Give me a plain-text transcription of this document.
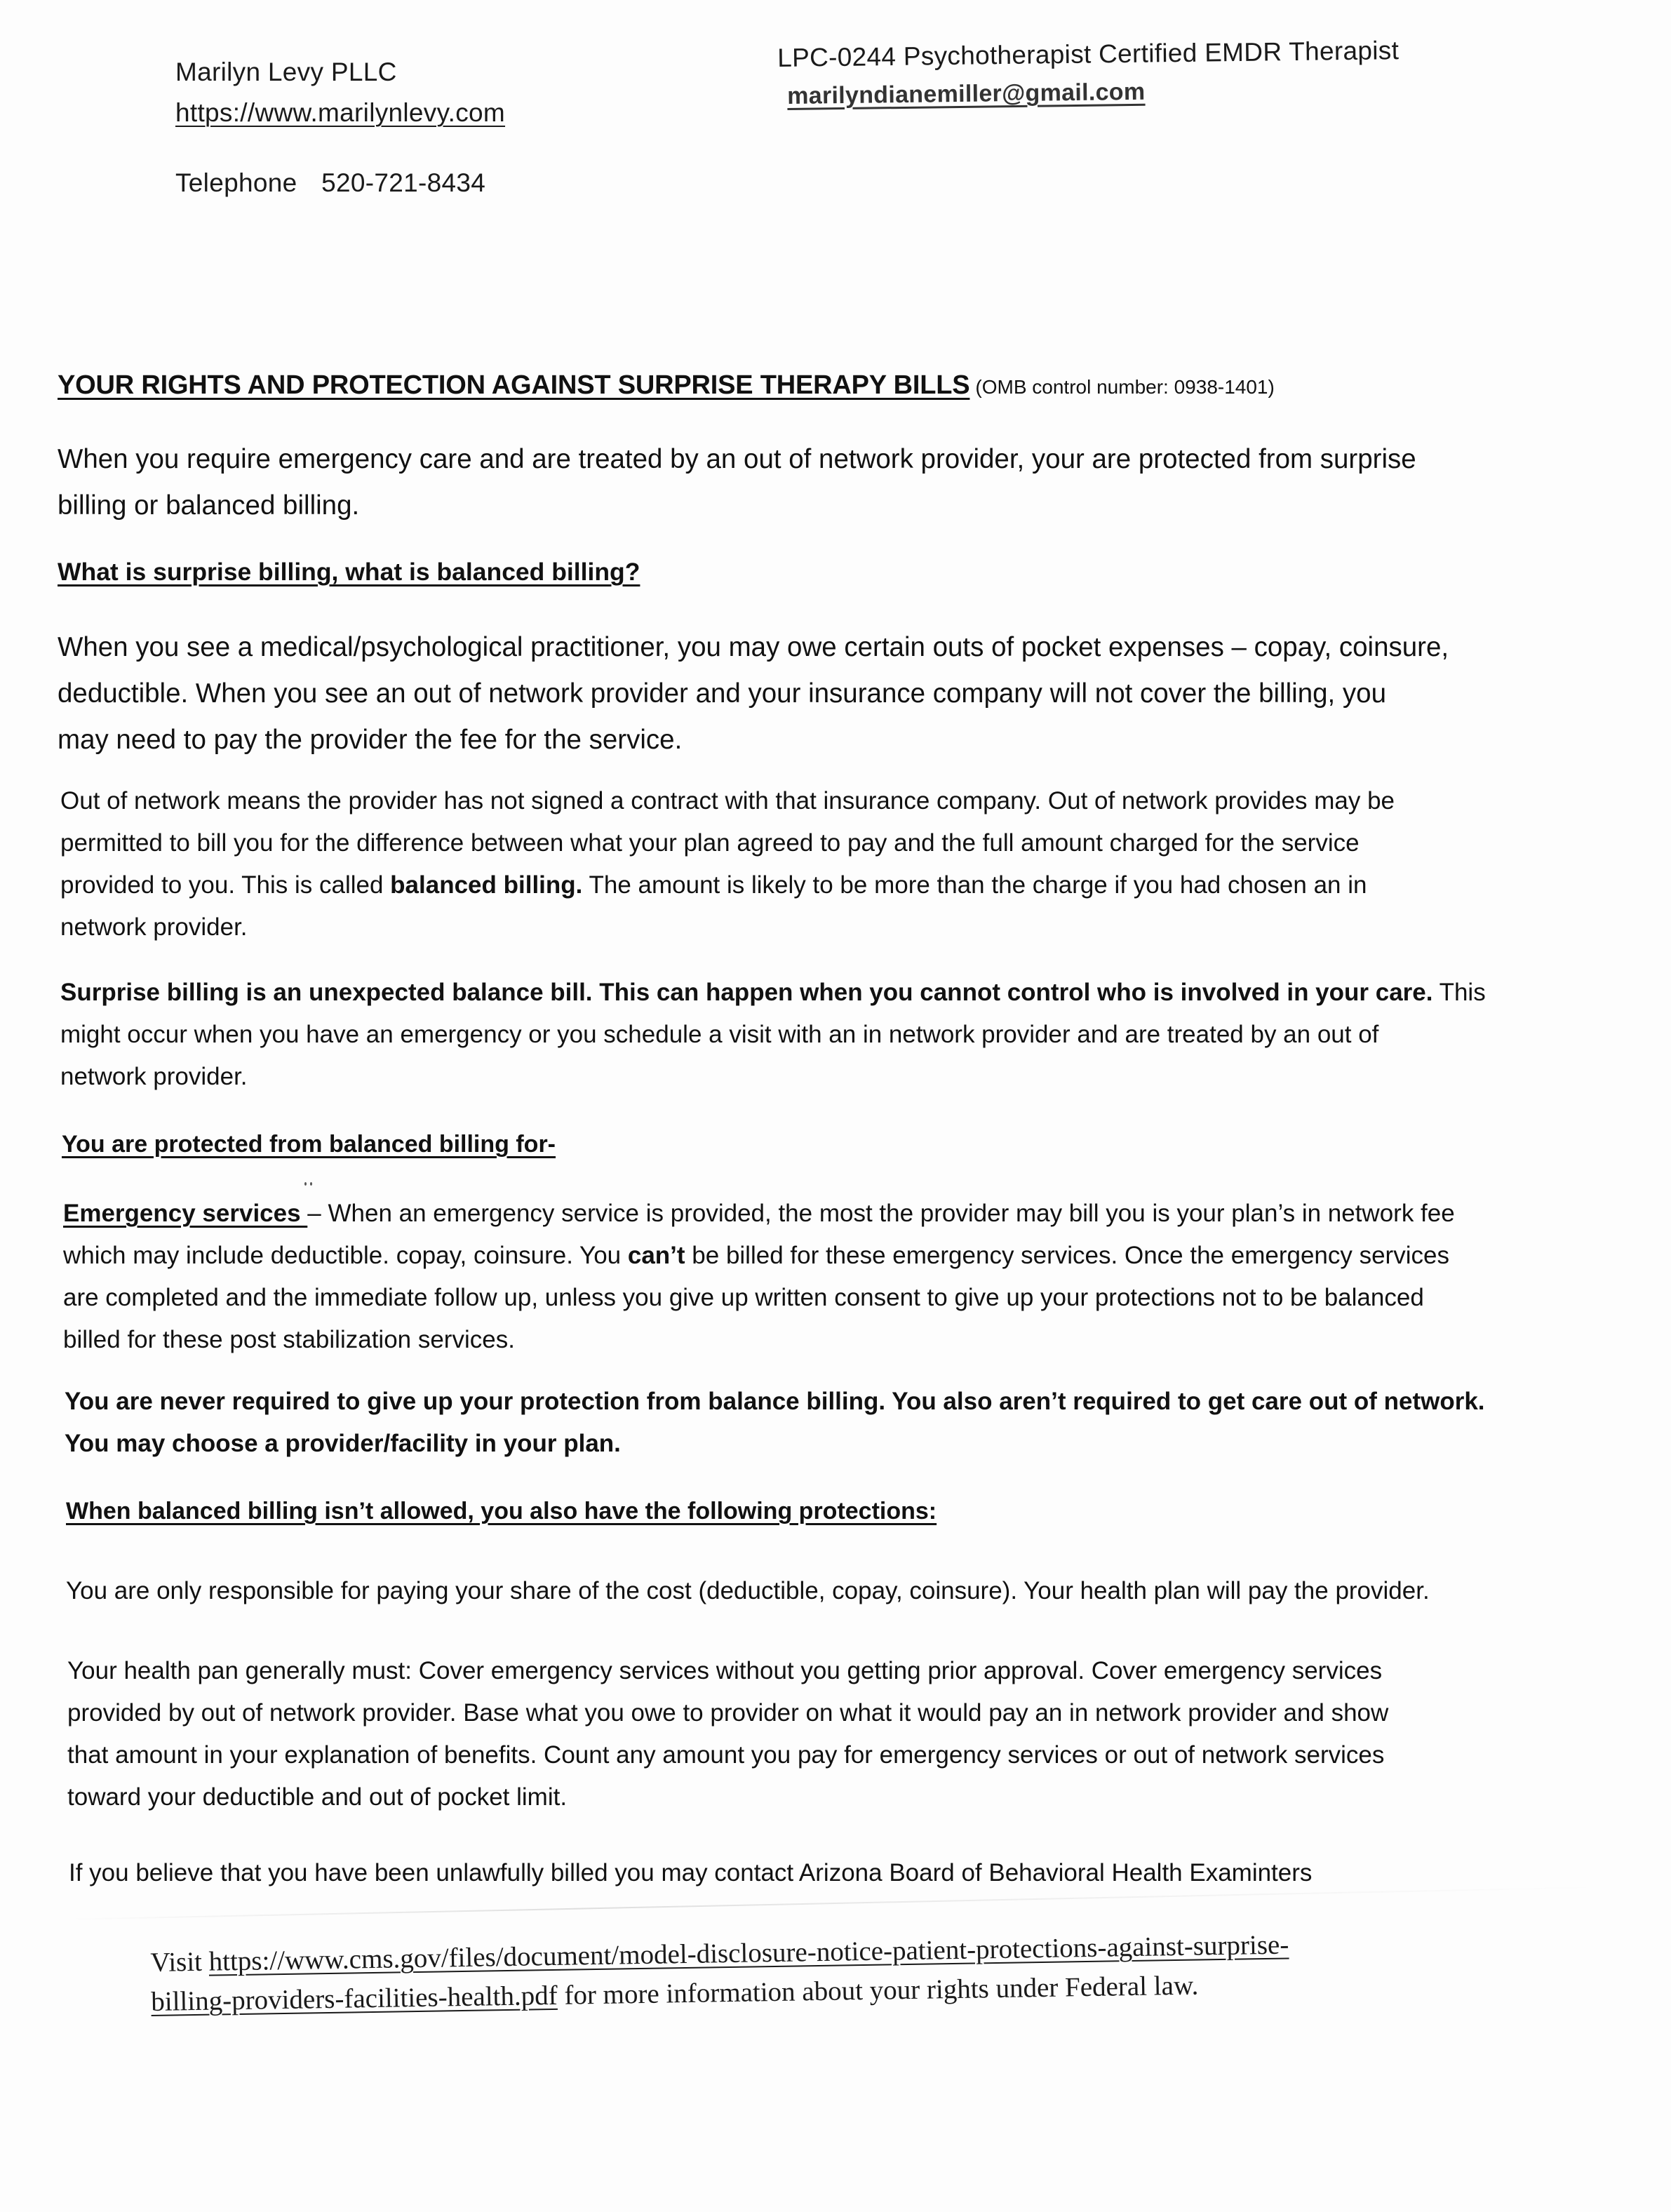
Marilyn Levy PLLC
https://www.marilynlevy.com
Telephone 520-721-8434
LPC-0244 Psychotherapist Certified EMDR Therapist
marilyndianemiller@gmail.com
YOUR RIGHTS AND PROTECTION AGAINST SURPRISE THERAPY BILLS (OMB control number: 0938-1401)
When you require emergency care and are treated by an out of network provider, your are protected from surprise
billing or balanced billing.
What is surprise billing, what is balanced billing?
When you see a medical/psychological practitioner, you may owe certain outs of pocket expenses – copay, coinsure,
deductible. When you see an out of network provider and your insurance company will not cover the billing, you
may need to pay the provider the fee for the service.
Out of network means the provider has not signed a contract with that insurance company. Out of network provides may be
permitted to bill you for the difference between what your plan agreed to pay and the full amount charged for the service
provided to you. This is called balanced billing. The amount is likely to be more than the charge if you had chosen an in
network provider.
Surprise billing is an unexpected balance bill. This can happen when you cannot control who is involved in your care. This
might occur when you have an emergency or you schedule a visit with an in network provider and are treated by an out of
network provider.
You are protected from balanced billing for-
Emergency services – When an emergency service is provided, the most the provider may bill you is your plan’s in network fee
which may include deductible. copay, coinsure. You can’t be billed for these emergency services. Once the emergency services
are completed and the immediate follow up, unless you give up written consent to give up your protections not to be balanced
billed for these post stabilization services.
You are never required to give up your protection from balance billing. You also aren’t required to get care out of network.
You may choose a provider/facility in your plan.
When balanced billing isn’t allowed, you also have the following protections:
You are only responsible for paying your share of the cost (deductible, copay, coinsure). Your health plan will pay the provider.
Your health pan generally must: Cover emergency services without you getting prior approval. Cover emergency services
provided by out of network provider. Base what you owe to provider on what it would pay an in network provider and show
that amount in your explanation of benefits. Count any amount you pay for emergency services or out of network services
toward your deductible and out of pocket limit.
If you believe that you have been unlawfully billed you may contact Arizona Board of Behavioral Health Examinters
Visit https://www.cms.gov/files/document/model-disclosure-notice-patient-protections-against-surprise-
billing-providers-facilities-health.pdf for more information about your rights under Federal law.
